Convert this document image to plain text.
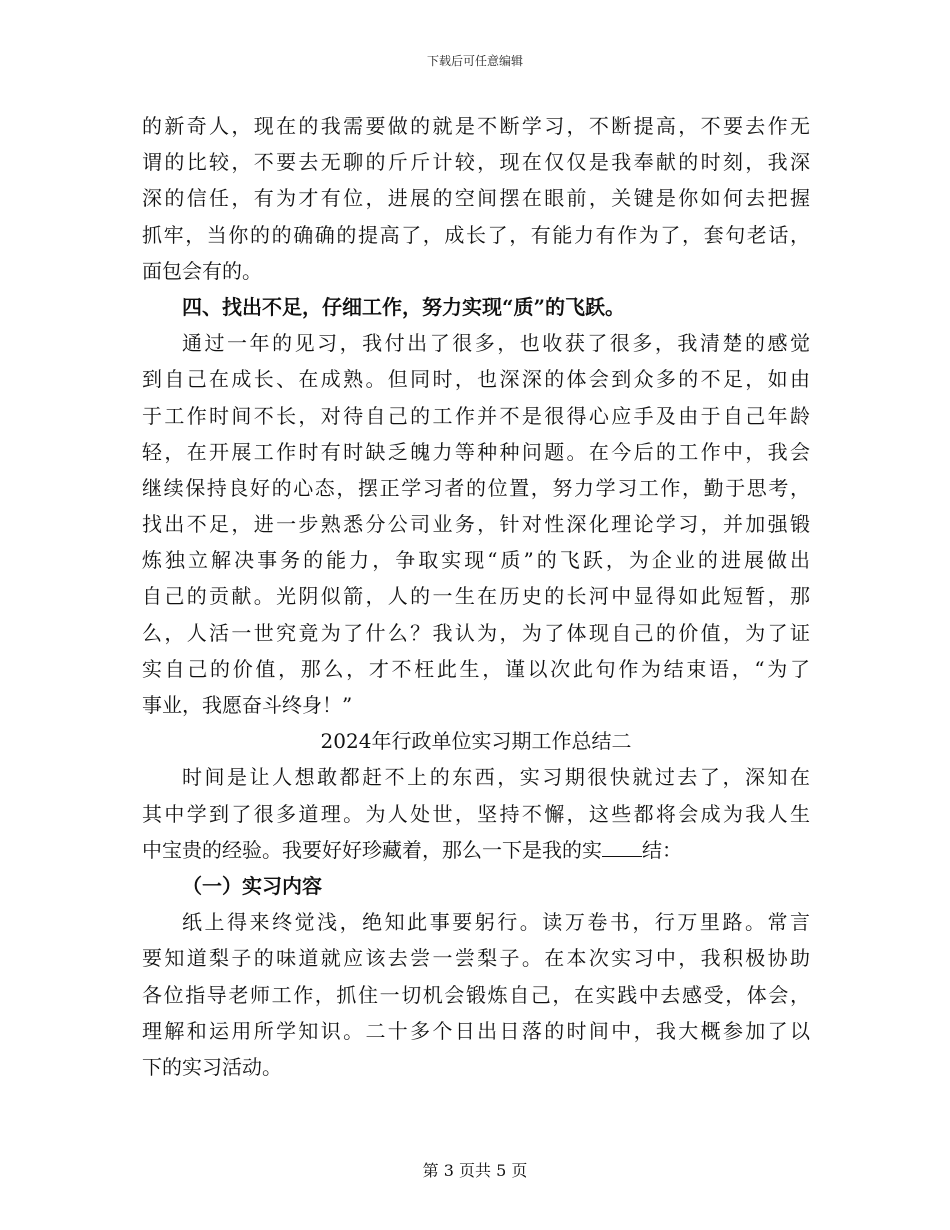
下载后可任意编辑
的新奇人，现在的我需要做的就是不断学习，不断提高，不要去作无
谓的比较，不要去无聊的斤斤计较，现在仅仅是我奉献的时刻，我深
深的信任，有为才有位，进展的空间摆在眼前，关键是你如何去把握
抓牢，当你的的确确的提高了，成长了，有能力有作为了，套句老话，
面包会有的。
四、找出不足，仔细工作，努力实现“质”的飞跃。
通过一年的见习，我付出了很多，也收获了很多，我清楚的感觉
到自己在成长、在成熟。但同时，也深深的体会到众多的不足，如由
于工作时间不长，对待自己的工作并不是很得心应手及由于自己年龄
轻，在开展工作时有时缺乏魄力等种种问题。在今后的工作中，我会
继续保持良好的心态，摆正学习者的位置，努力学习工作，勤于思考，
找出不足，进一步熟悉分公司业务，针对性深化理论学习，并加强锻
炼独立解决事务的能力，争取实现“质”的飞跃，为企业的进展做出
自己的贡献。光阴似箭，人的一生在历史的长河中显得如此短暂，那
么，人活一世究竟为了什么？我认为，为了体现自己的价值，为了证
实自己的价值，那么，才不枉此生，谨以次此句作为结束语，“为了
事业，我愿奋斗终身！”
2024年行政单位实习期工作总结二
时间是让人想敢都赶不上的东西，实习期很快就过去了，深知在
其中学到了很多道理。为人处世，坚持不懈，这些都将会成为我人生
中宝贵的经验。我要好好珍藏着，那么一下是我的实 结：
（一）实习内容
纸上得来终觉浅，绝知此事要躬行。读万卷书，行万里路。常言
要知道梨子的味道就应该去尝一尝梨子。在本次实习中，我积极协助
各位指导老师工作，抓住一切机会锻炼自己，在实践中去感受，体会，
理解和运用所学知识。二十多个日出日落的时间中，我大概参加了以
下的实习活动。
第 3 页共 5 页
